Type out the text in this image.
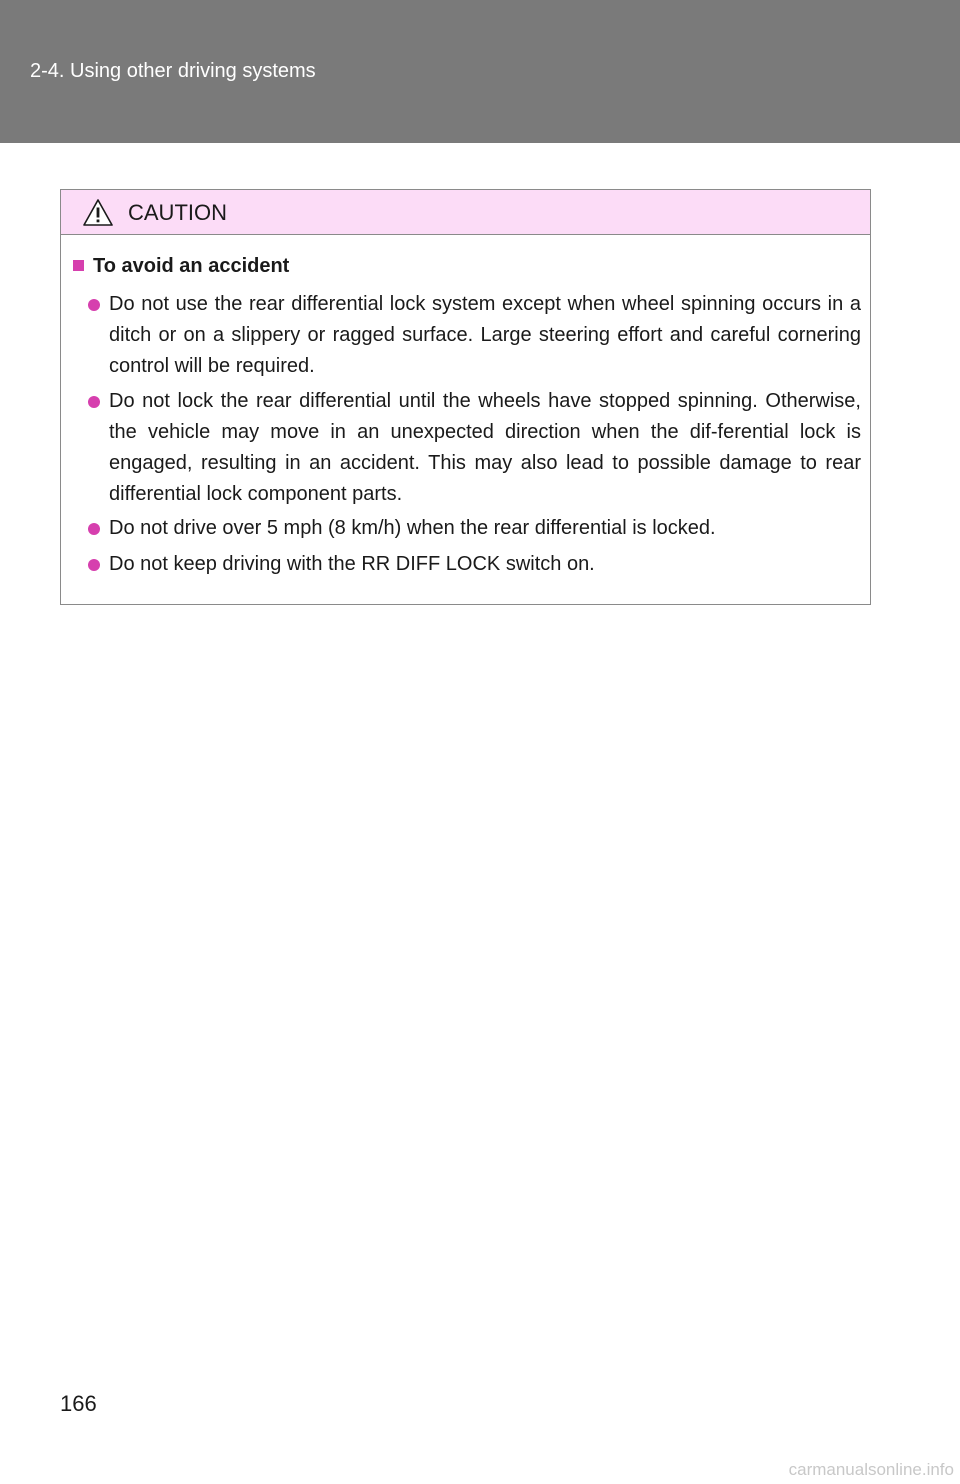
2-4. Using other driving systems
CAUTION
To avoid an accident
Do not use the rear differential lock system except when wheel spinning occurs in a ditch or on a slippery or ragged surface. Large steering effort and careful cornering control will be required.
Do not lock the rear differential until the wheels have stopped spinning. Otherwise, the vehicle may move in an unexpected direction when the dif-ferential lock is engaged, resulting in an accident. This may also lead to possible damage to rear differential lock component parts.
Do not drive over 5 mph (8 km/h) when the rear differential is locked.
Do not keep driving with the RR DIFF LOCK switch on.
166
carmanualsonline.info
